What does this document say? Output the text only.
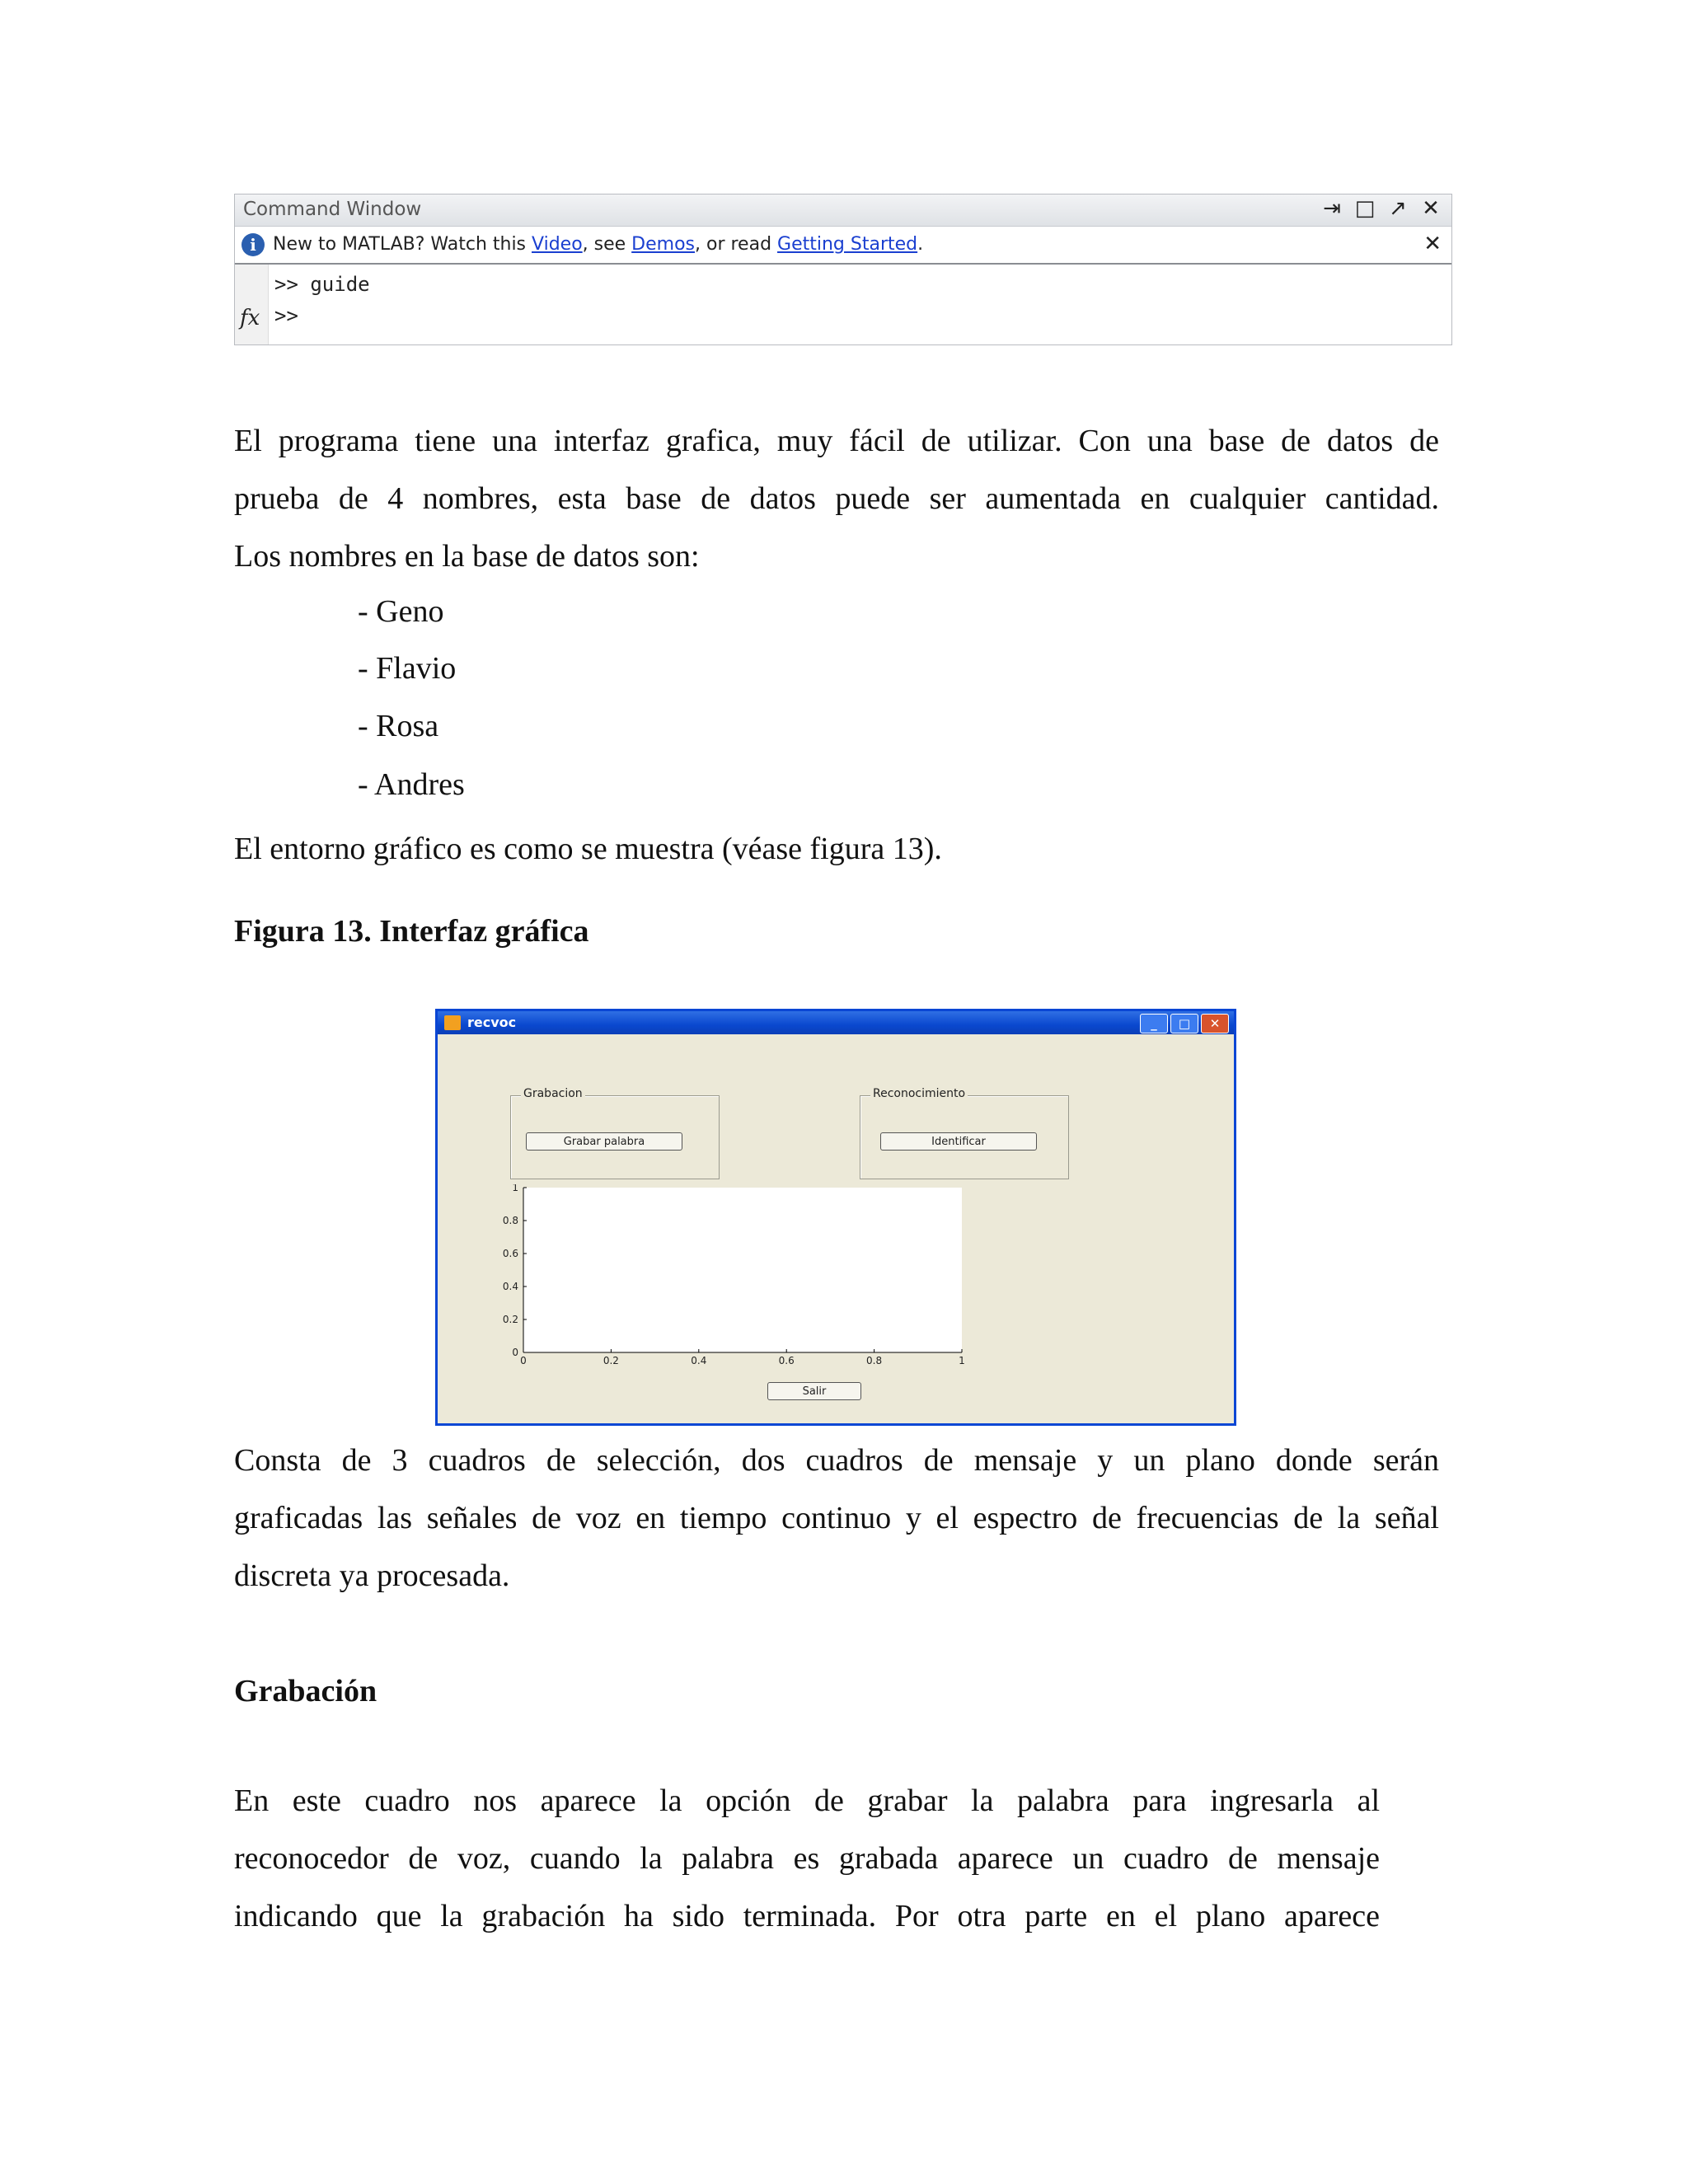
Command Window	⇥ □ ↗ ✕
i New to MATLAB? Watch this Video, see Demos, or read Getting Started.	✕
fx
>> guide
>>
El programa tiene una interfaz grafica, muy fácil de utilizar. Con una base de datos de
prueba de 4 nombres, esta base de datos puede ser aumentada en cualquier cantidad.
Los nombres en la base de datos son:
- Geno
- Flavio
- Rosa
- Andres
El entorno gráfico es como se muestra (véase figura 13).
Figura 13. Interfaz gráfica
recvoc	_	□	✕
Grabacion
Grabar palabra
Reconocimiento
Identificar
0	0.2	0.4	0.6	0.8	1
0
0.2
0.4
0.6
0.8
1
Salir
Consta de 3 cuadros de selección, dos cuadros de mensaje y un plano donde serán
graficadas las señales de voz en tiempo continuo y el espectro de frecuencias de la señal
discreta ya procesada.
Grabación
En este cuadro nos aparece la opción de grabar la palabra para ingresarla al
reconocedor de voz, cuando la palabra es grabada aparece un cuadro de mensaje
indicando que la grabación ha sido terminada. Por otra parte en el plano aparece
